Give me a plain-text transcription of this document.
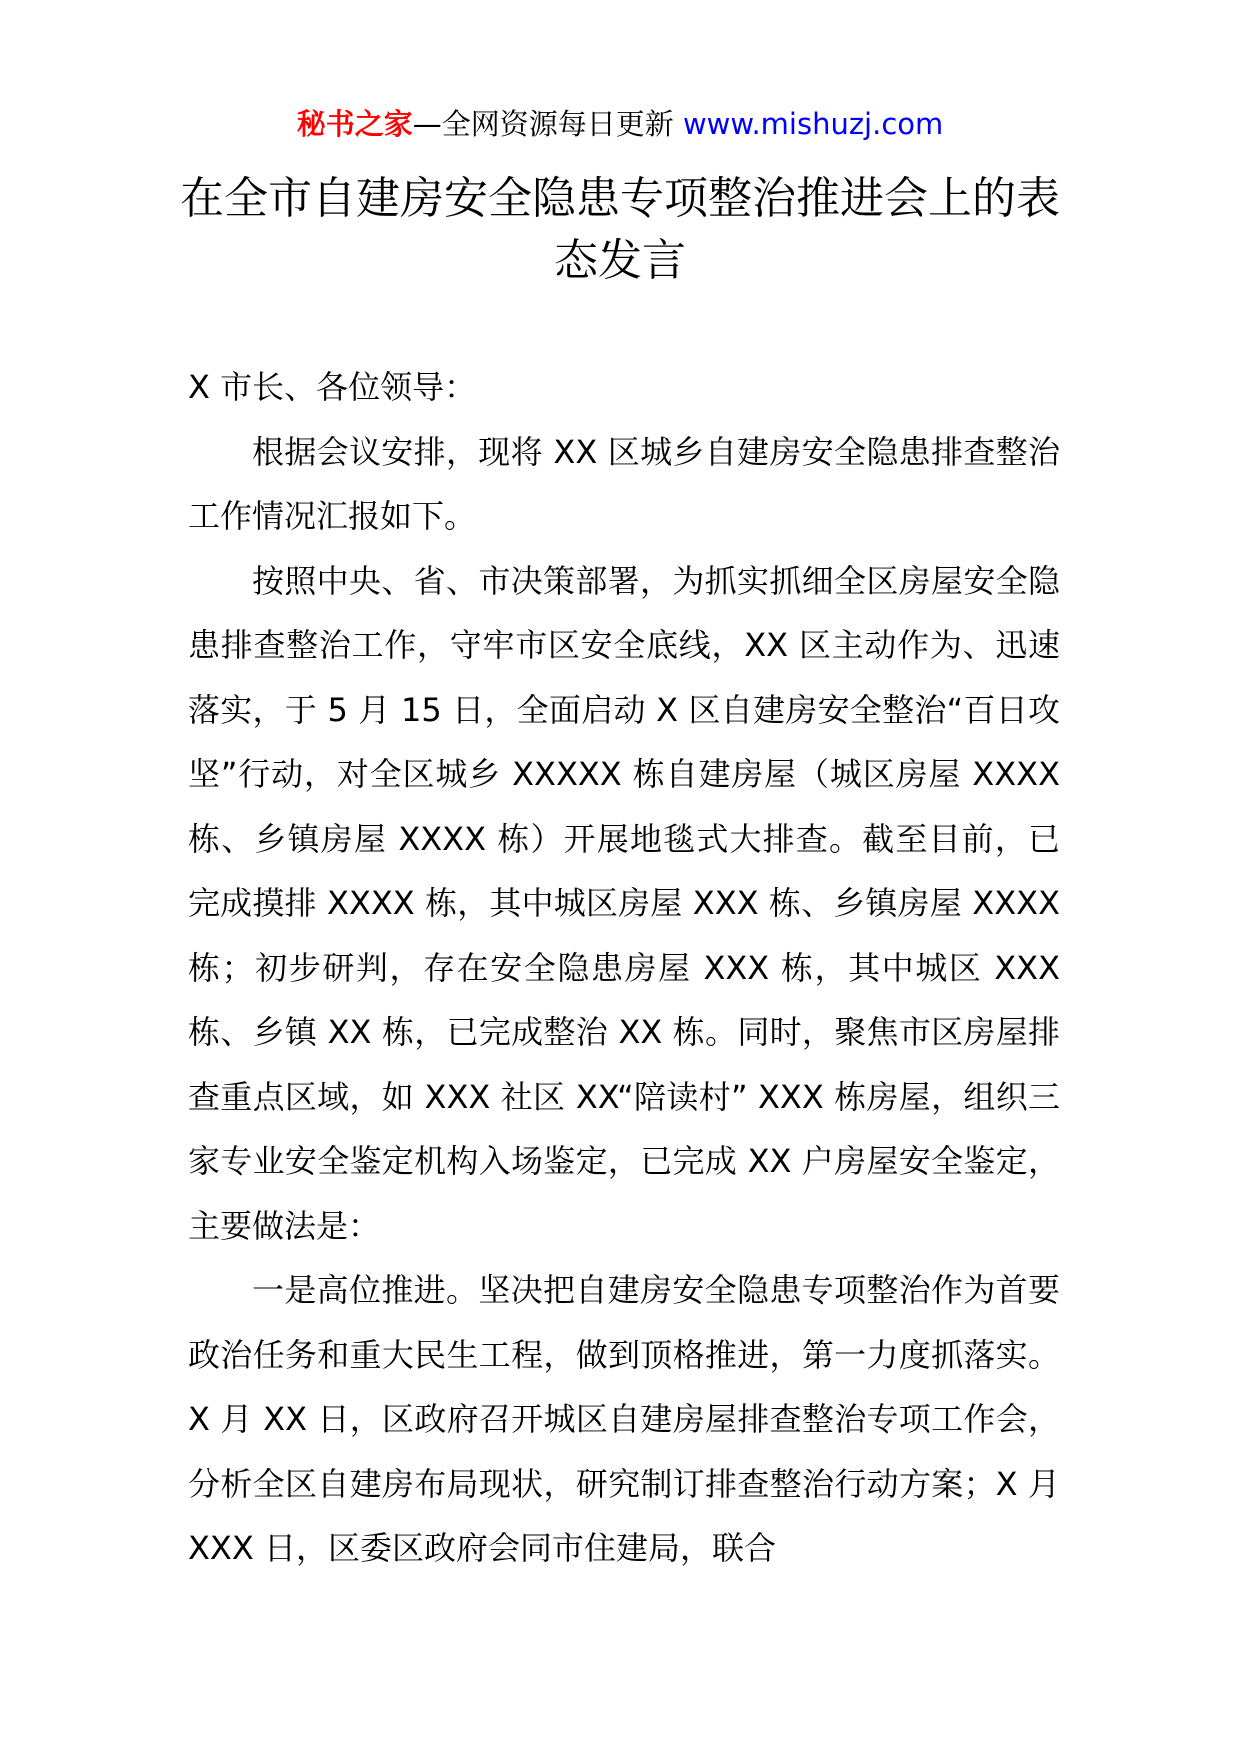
秘书之家—全网资源每日更新 www.mishuzj.com
在全市自建房安全隐患专项整治推进会上的表态发言

X 市长、各位领导：

根据会议安排，现将 XX 区城乡自建房安全隐患排查整治工作情况汇报如下。

按照中央、省、市决策部署，为抓实抓细全区房屋安全隐患排查整治工作，守牢市区安全底线，XX 区主动作为、迅速落实，于 5 月 15 日，全面启动 X 区自建房安全整治“百日攻坚”行动，对全区城乡 XXXXX 栋自建房屋（城区房屋 XXXX 栋、乡镇房屋 XXXX 栋）开展地毯式大排查。截至目前，已完成摸排 XXXX 栋，其中城区房屋 XXX 栋、乡镇房屋 XXXX 栋；初步研判，存在安全隐患房屋 XXX 栋，其中城区 XXX 栋、乡镇 XX 栋，已完成整治 XX 栋。同时，聚焦市区房屋排查重点区域，如 XXX 社区 XX“陪读村” XXX 栋房屋，组织三家专业安全鉴定机构入场鉴定，已完成 XX 户房屋安全鉴定，主要做法是：

一是高位推进。坚决把自建房安全隐患专项整治作为首要政治任务和重大民生工程，做到顶格推进，第一力度抓落实。X 月 XX 日，区政府召开城区自建房屋排查整治专项工作会，分析全区自建房布局现状，研究制订排查整治行动方案；X 月 XXX 日，区委区政府会同市住建局，联合
